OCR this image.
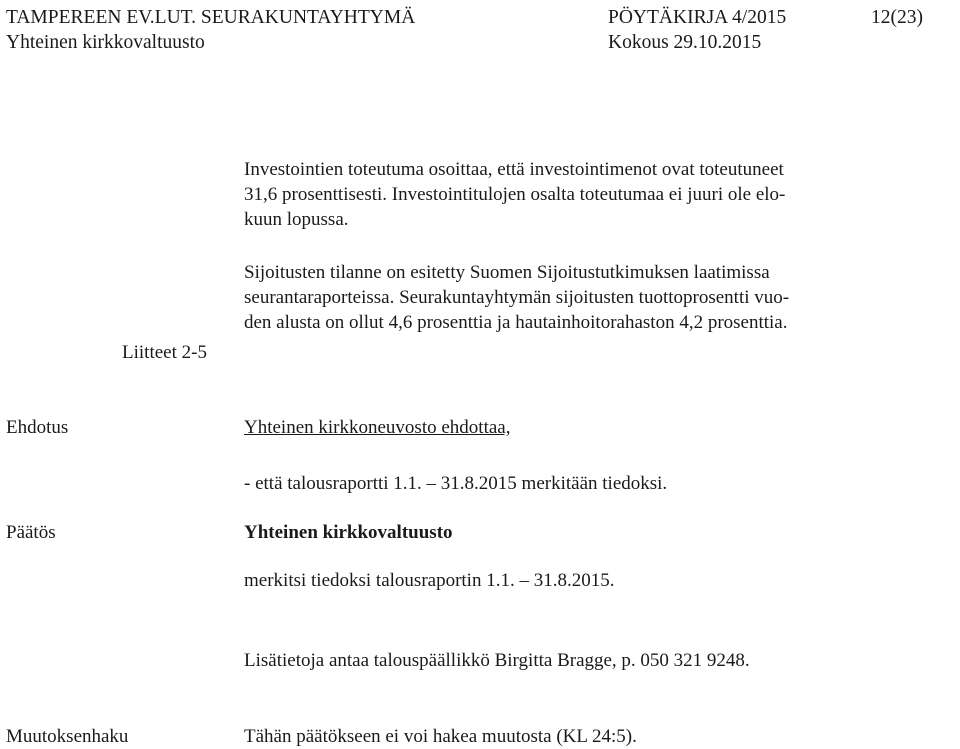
TAMPEREEN EV.LUT. SEURAKUNTAYHTYMÄ	PÖYTÄKIRJA 4/2015	12(23)
Yhteinen kirkkovaltuusto	Kokous 29.10.2015

Investointien toteutuma osoittaa, että investointimenot ovat toteutuneet

31,6 prosenttisesti. Investointitulojen osalta toteutumaa ei juuri ole elo-

kuun lopussa.

Sijoitusten tilanne on esitetty Suomen Sijoitustutkimuksen laatimissa

seurantaraporteissa. Seurakuntayhtymän sijoitusten tuottoprosentti vuo-

den alusta on ollut 4,6 prosenttia ja hautainhoitorahaston 4,2 prosenttia.

Liitteet 2-5
Ehdotus	Yhteinen kirkkoneuvosto ehdottaa,
- että talousraportti 1.1. – 31.8.2015 merkitään tiedoksi.
Päätös	Yhteinen kirkkovaltuusto
merkitsi tiedoksi talousraportin 1.1. – 31.8.2015.
Lisätietoja antaa talouspäällikkö Birgitta Bragge, p. 050 321 9248.
Muutoksenhaku	Tähän päätökseen ei voi hakea muutosta (KL 24:5).
